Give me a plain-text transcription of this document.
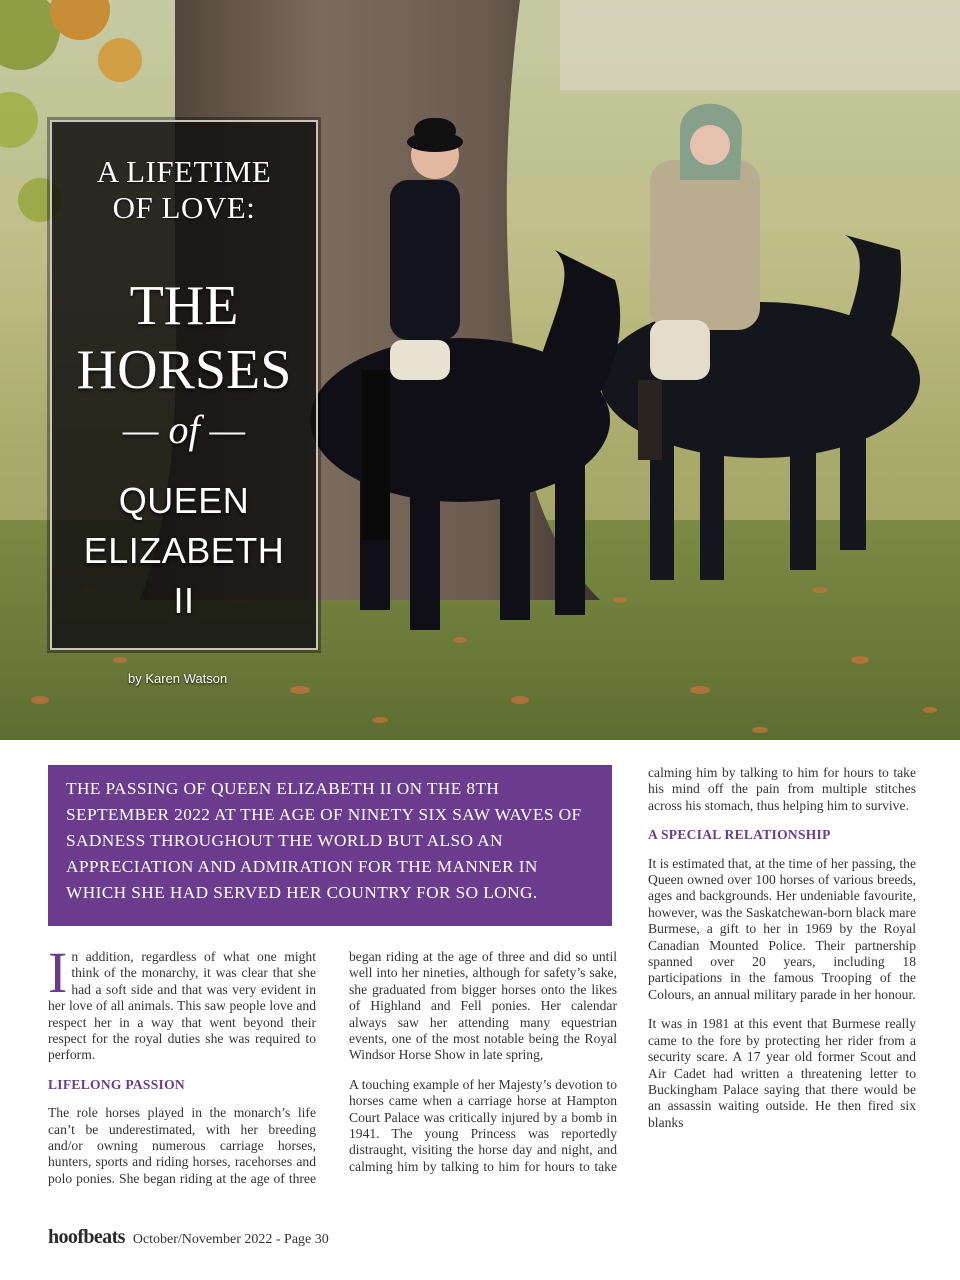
A LIFETIME
OF LOVE:
THE
HORSES
— of —
QUEEN
ELIZABETH
II
by Karen Watson
THE PASSING OF QUEEN ELIZABETH II ON THE 8TH SEPTEMBER 2022 AT THE AGE OF NINETY SIX SAW WAVES OF SADNESS THROUGHOUT THE WORLD BUT ALSO AN APPRECIATION AND ADMIRATION FOR THE MANNER IN WHICH SHE HAD SERVED HER COUNTRY FOR SO LONG.

In addition, regardless of what one might think of the monarchy, it was clear that she had a soft side and that was very evident in her love of all animals. This saw people love and respect her in a way that went beyond their respect for the royal duties she was required to perform.

LIFELONG PASSION

The role horses played in the monarch’s life can’t be underestimated, with her breeding and/or owning numerous carriage horses, hunters, sports and riding horses, racehorses and polo ponies. She began riding at the age of three

began riding at the age of three and did so until well into her nineties, although for safety’s sake, she graduated from bigger horses onto the likes of Highland and Fell ponies. Her calendar always saw her attending many equestrian events, one of the most notable being the Royal Windsor Horse Show in late spring,

A touching example of her Majesty’s devotion to horses came when a carriage horse at Hampton Court Palace was critically injured by a bomb in 1941. The young Princess was reportedly distraught, visiting the horse day and night, and calming him by talking to him for hours to take

calming him by talking to him for hours to take his mind off the pain from multiple stitches across his stomach, thus helping him to survive.

A SPECIAL RELATIONSHIP

It is estimated that, at the time of her passing, the Queen owned over 100 horses of various breeds, ages and backgrounds. Her undeniable favourite, however, was the Saskatchewan-born black mare Burmese, a gift to her in 1969 by the Royal Canadian Mounted Police. Their partnership spanned over 20 years, including 18 participations in the famous Trooping of the Colours, an annual military parade in her honour.

It was in 1981 at this event that Burmese really came to the fore by protecting her rider from a security scare. A 17 year old former Scout and Air Cadet had written a threatening letter to Buckingham Palace saying that there would be an assassin waiting outside. He then fired six blanks

hoofbeats October/November 2022 - Page 30
